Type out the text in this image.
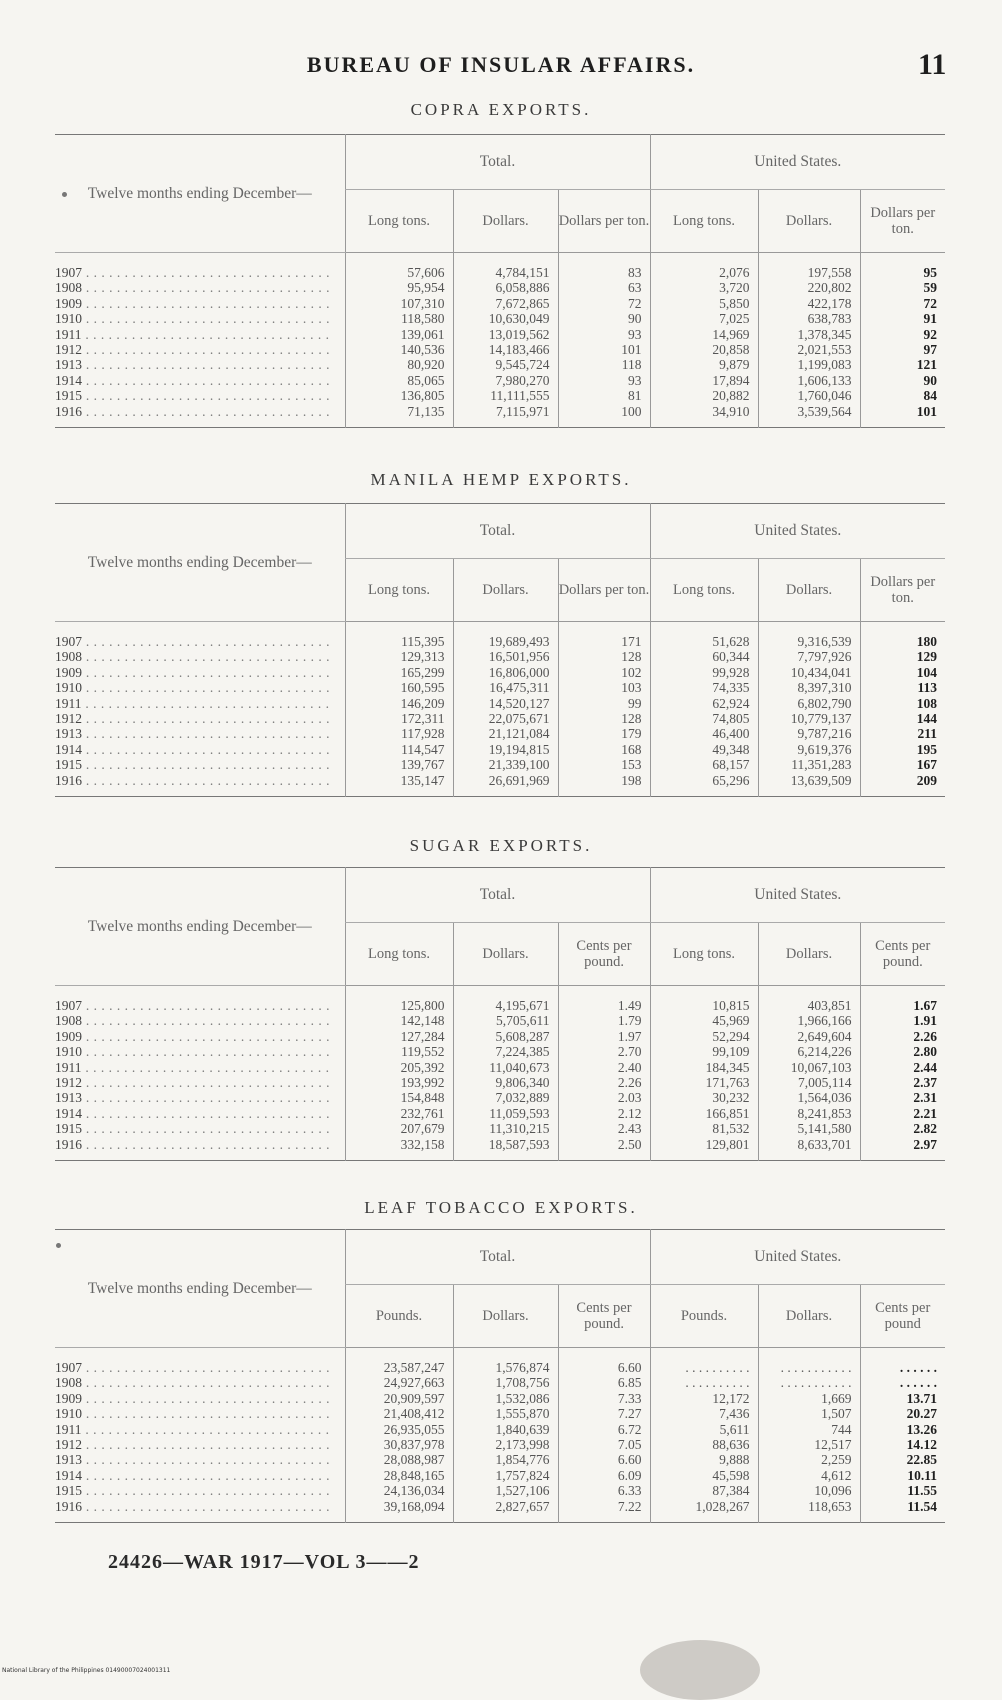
BUREAU OF INSULAR AFFAIRS.	11
COPRA EXPORTS.
Twelve months ending December—	Total.			United States.		
	Long tons.	Dollars.	Dollars per ton.	Long tons.	Dollars.	Dollars per ton.
1907 . . .	57,606	4,784,151	83	2,076	197,558	95
1908 . . .	95,954	6,058,886	63	3,720	220,802	59
1909 . . .	107,310	7,672,865	72	5,850	422,178	72
1910 . . .	118,580	10,630,049	90	7,025	638,783	91
1911 . . .	139,061	13,019,562	93	14,969	1,378,345	92
1912 . . .	140,536	14,183,466	101	20,858	2,021,553	97
1913 . . .	80,920	9,545,724	118	9,879	1,199,083	121
1914 . . .	85,065	7,980,270	93	17,894	1,606,133	90
1915 . . .	136,805	11,111,555	81	20,882	1,760,046	84
1916 . . .	71,135	7,115,971	100	34,910	3,539,564	101
MANILA HEMP EXPORTS.
Twelve months ending December—	Total.			United States.		
	Long tons.	Dollars.	Dollars per ton.	Long tons.	Dollars.	Dollars per ton.
1907 . . .	115,395	19,689,493	171	51,628	9,316,539	180
1908 . . .	129,313	16,501,956	128	60,344	7,797,926	129
1909 . . .	165,299	16,806,000	102	99,928	10,434,041	104
1910 . . .	160,595	16,475,311	103	74,335	8,397,310	113
1911 . . .	146,209	14,520,127	99	62,924	6,802,790	108
1912 . . .	172,311	22,075,671	128	74,805	10,779,137	144
1913 . . .	117,928	21,121,084	179	46,400	9,787,216	211
1914 . . .	114,547	19,194,815	168	49,348	9,619,376	195
1915 . . .	139,767	21,339,100	153	68,157	11,351,283	167
1916 . . .	135,147	26,691,969	198	65,296	13,639,509	209
SUGAR EXPORTS.
Twelve months ending December—	Total.			United States.		
	Long tons.	Dollars.	Cents per pound.	Long tons.	Dollars.	Cents per pound.
1907 . . .	125,800	4,195,671	1.49	10,815	403,851	1.67
1908 . . .	142,148	5,705,611	1.79	45,969	1,966,166	1.91
1909 . . .	127,284	5,608,287	1.97	52,294	2,649,604	2.26
1910 . . .	119,552	7,224,385	2.70	99,109	6,214,226	2.80
1911 . . .	205,392	11,040,673	2.40	184,345	10,067,103	2.44
1912 . . .	193,992	9,806,340	2.26	171,763	7,005,114	2.37
1913 . . .	154,848	7,032,889	2.03	30,232	1,564,036	2.31
1914 . . .	232,761	11,059,593	2.12	166,851	8,241,853	2.21
1915 . . .	207,679	11,310,215	2.43	81,532	5,141,580	2.82
1916 . . .	332,158	18,587,593	2.50	129,801	8,633,701	2.97
LEAF TOBACCO EXPORTS.
Twelve months ending December—	Total.			United States.		
	Pounds.	Dollars.	Cents per pound.	Pounds.	Dollars.	Cents per pound
1907 . . .	23,587,247	1,576,874	6.60	. . . . . . . . . .	. . . . . . . . . . .	. . . . . .
1908 . . .	24,927,663	1,708,756	6.85	. . . . . . . . . .	. . . . . . . . . . .	. . . . . .
1909 . . .	20,909,597	1,532,086	7.33	12,172	1,669	13.71
1910 . . .	21,408,412	1,555,870	7.27	7,436	1,507	20.27
1911 . . .	26,935,055	1,840,639	6.72	5,611	744	13.26
1912 . . .	30,837,978	2,173,998	7.05	88,636	12,517	14.12
1913 . . .	28,088,987	1,854,776	6.60	9,888	2,259	22.85
1914 . . .	28,848,165	1,757,824	6.09	45,598	4,612	10.11
1915 . . .	24,136,034	1,527,106	6.33	87,384	10,096	11.55
1916 . . .	39,168,094	2,827,657	7.22	1,028,267	118,653	11.54
24426—WAR 1917—VOL 3——2
National Library of the Philippines 01490007024001311
